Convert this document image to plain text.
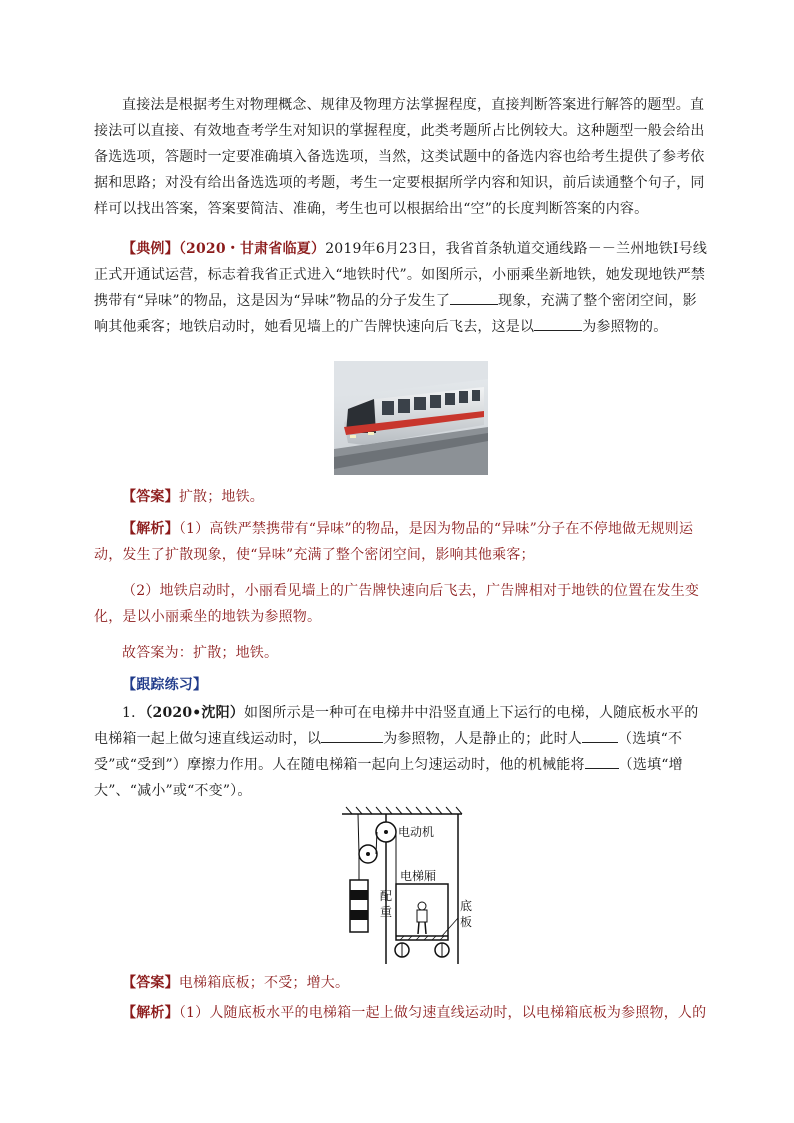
直接法是根据考生对物理概念、规律及物理方法掌握程度，直接判断答案进行解答的题型。直接法可以直接、有效地查考学生对知识的掌握程度，此类考题所占比例较大。这种题型一般会给出备选选项，答题时一定要准确填入备选选项，当然，这类试题中的备选内容也给考生提供了参考依据和思路；对没有给出备选选项的考题，考生一定要根据所学内容和知识，前后读通整个句子，同样可以找出答案，答案要简洁、准确，考生也可以根据给出“空”的长度判断答案的内容。

【典例】（2020・甘肃省临夏）2019年6月23日，我省首条轨道交通线路－－兰州地铁Ⅰ号线正式开通试运营，标志着我省正式进入“地铁时代”。如图所示，小丽乘坐新地铁，她发现地铁严禁携带有“异味”的物品，这是因为“异味”物品的分子发生了	现象，充满了整个密闭空间，影响其他乘客；地铁启动时，她看见墙上的广告牌快速向后飞去，这是以	为参照物的。

【答案】扩散；地铁。

【解析】（1）高铁严禁携带有“异味”的物品，是因为物品的“异味”分子在不停地做无规则运动，发生了扩散现象，使“异味”充满了整个密闭空间，影响其他乘客；

（2）地铁启动时，小丽看见墙上的广告牌快速向后飞去，广告牌相对于地铁的位置在发生变化，是以小丽乘坐的地铁为参照物。

故答案为：扩散；地铁。

【跟踪练习】

1．（2020•沈阳）如图所示是一种可在电梯井中沿竖直通上下运行的电梯，人随底板水平的电梯箱一起上做匀速直线运动时，以	为参照物，人是静止的；此时人	（选填“不受”或“受到”）摩擦力作用。人在随电梯箱一起向上匀速运动时，他的机械能将 （选填“增大”、“减小”或“不变”）。

配
重
电动机
电梯厢
底
板

【答案】电梯箱底板；不受；增大。

【解析】（1）人随底板水平的电梯箱一起上做匀速直线运动时，以电梯箱底板为参照物，人的
